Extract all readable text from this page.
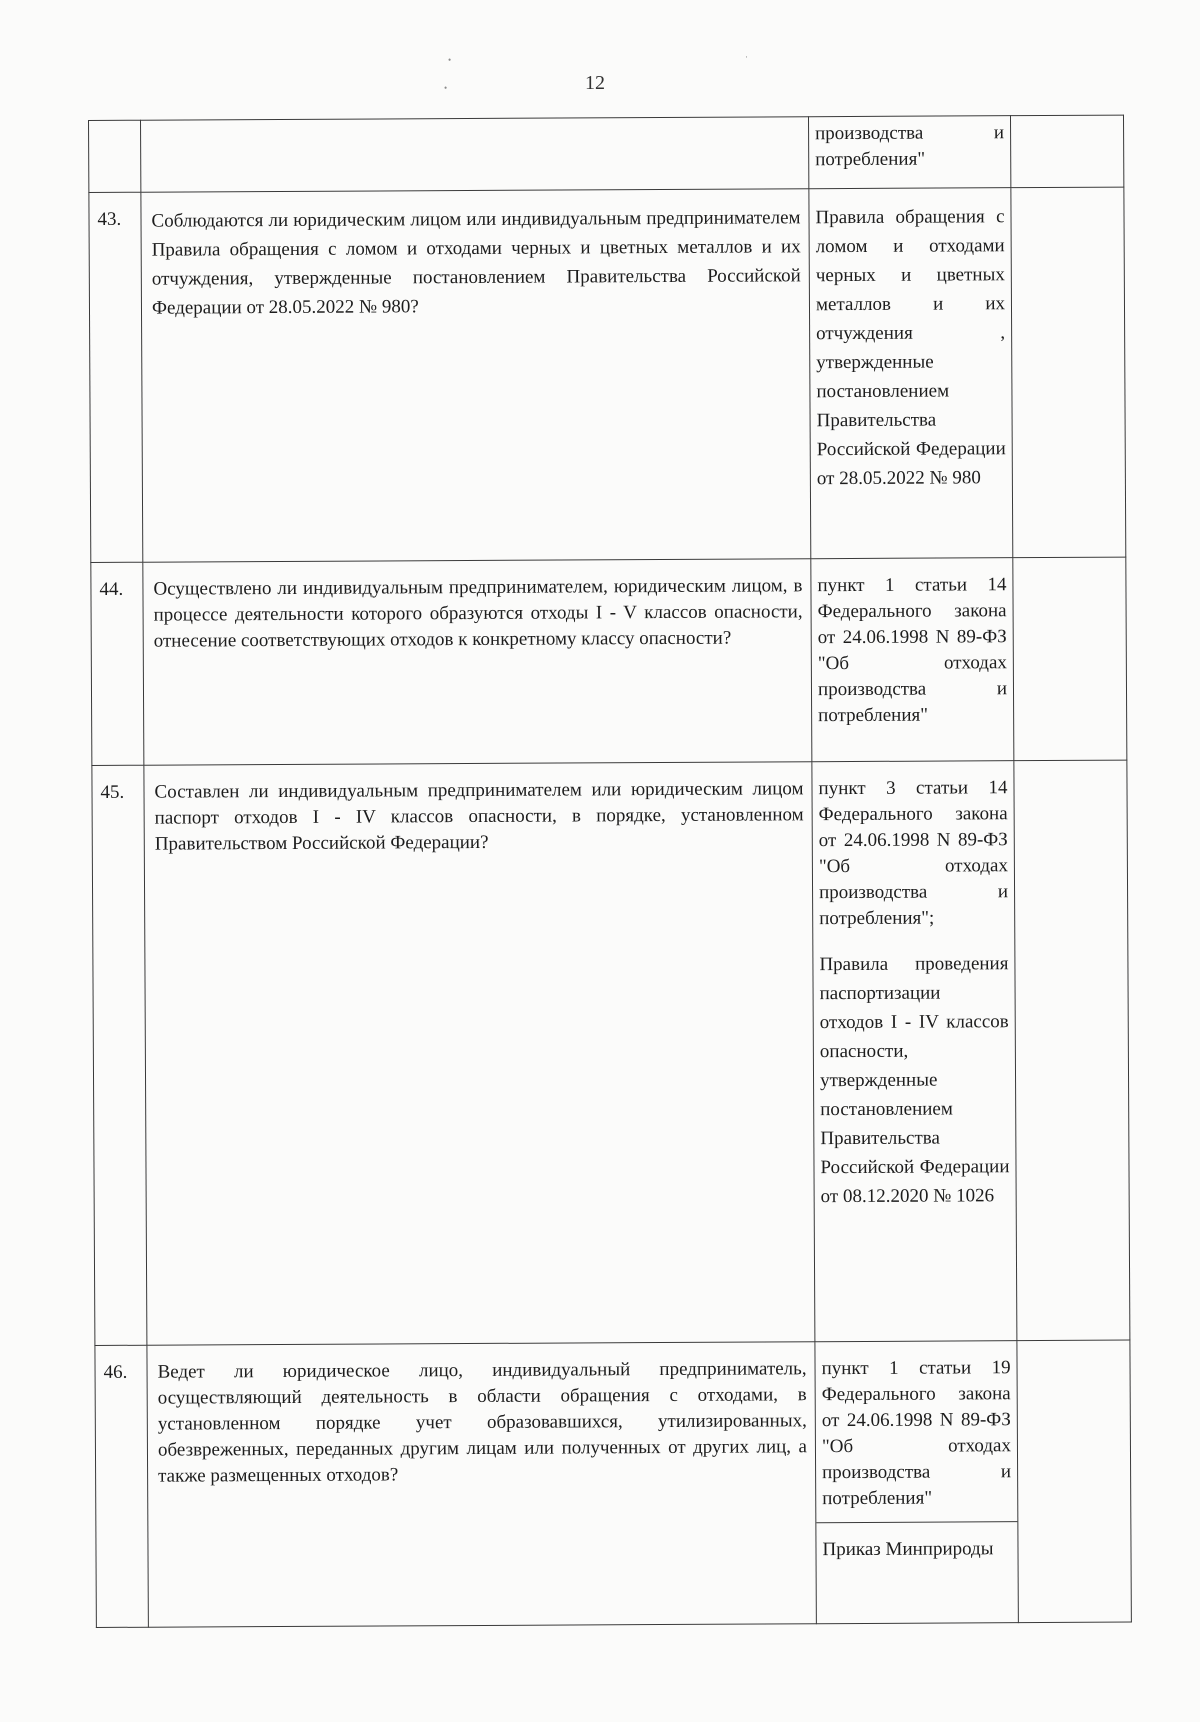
12
•
•
·

		производства и потребления"	

43.	Соблюдаются ли юридическим лицом или индивидуальным предпринимателем Правила обращения с ломом и отходами черных и цветных металлов и их отчуждения, утвержденные постановлением Правительства Российской Федерации от 28.05.2022 № 980?	Правила обращения с ломом и отходами черных и цветных металлов и их отчуждения , утвержденные постановлением Правительства Российской Федерации от 28.05.2022 № 980	

44.	Осуществлено ли индивидуальным предпринимателем, юридическим лицом, в процессе деятельности которого образуются отходы I - V классов опасности, отнесение соответствующих отходов к конкретному классу опасности?	пункт 1 статьи 14 Федерального закона от 24.06.1998 N 89-ФЗ "Об отходах производства и потребления"	

45.	Составлен ли индивидуальным предпринимателем или юридическим лицом паспорт отходов I - IV классов опасности, в порядке, установленном Правительством Российской Федерации?	пункт 3 статьи 14 Федерального закона от 24.06.1998 N 89-ФЗ "Об отходах производства и потребления";
Правила проведения паспортизации отходов I - IV классов опасности, утвержденные постановлением Правительства Российской Федерации от 08.12.2020 № 1026	

46.	Ведет ли юридическое лицо, индивидуальный предприниматель, осуществляющий деятельность в области обращения с отходами, в установленном порядке учет образовавшихся, утилизированных, обезвреженных, переданных другим лицам или полученных от других лиц, а также размещенных отходов?	пункт 1 статьи 19 Федерального закона от 24.06.1998 N 89-ФЗ "Об отходах производства и потребления"
Приказ Минприроды	
